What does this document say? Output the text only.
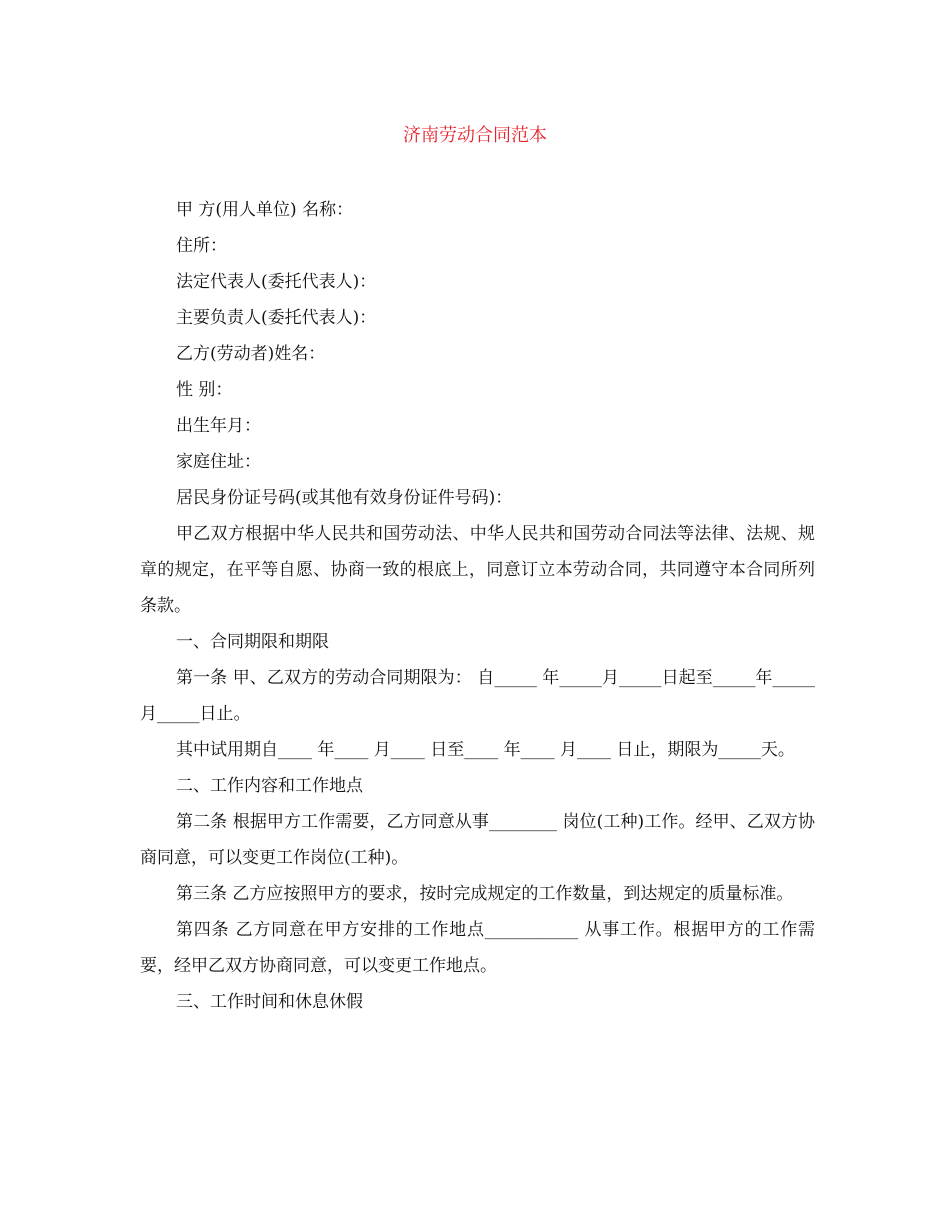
济南劳动合同范本

甲 方(用人单位) 名称：

住所：

法定代表人(委托代表人)：

主要负责人(委托代表人)：

乙方(劳动者)姓名：

性 别：

出生年月：

家庭住址：

居民身份证号码(或其他有效身份证件号码)：

甲乙双方根据中华人民共和国劳动法、中华人民共和国劳动合同法等法律、法规、规章的规定，在平等自愿、协商一致的根底上，同意订立本劳动合同，共同遵守本合同所列条款。

一、合同期限和期限

第一条 甲、乙双方的劳动合同期限为： 自_____ 年_____月_____日起至_____年_____月_____日止。

其中试用期自____ 年____ 月____ 日至____ 年____ 月____ 日止，期限为_____天。

二、工作内容和工作地点

第二条 根据甲方工作需要，乙方同意从事________ 岗位(工种)工作。经甲、乙双方协商同意，可以变更工作岗位(工种)。

第三条 乙方应按照甲方的要求，按时完成规定的工作数量，到达规定的质量标准。

第四条 乙方同意在甲方安排的工作地点___________ 从事工作。根据甲方的工作需要，经甲乙双方协商同意，可以变更工作地点。

三、工作时间和休息休假
